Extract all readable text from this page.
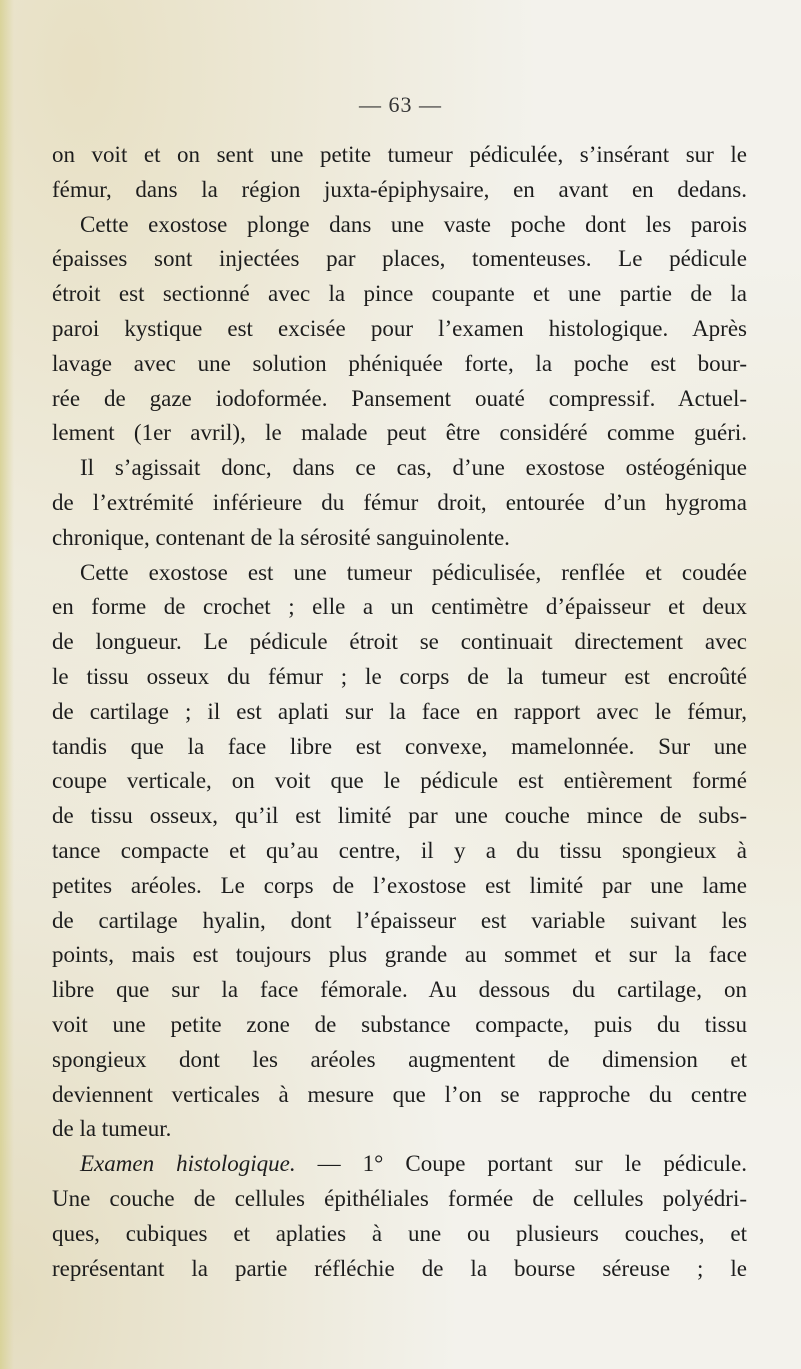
— 63 —
on voit et on sent une petite tumeur pédiculée, s’insérant sur le
fémur, dans la région juxta-épiphysaire, en avant en dedans.
Cette exostose plonge dans une vaste poche dont les parois
épaisses sont injectées par places, tomenteuses. Le pédicule
étroit est sectionné avec la pince coupante et une partie de la
paroi kystique est excisée pour l’examen histologique. Après
lavage avec une solution phéniquée forte, la poche est bour-
rée de gaze iodoformée. Pansement ouaté compressif. Actuel-
lement (1er avril), le malade peut être considéré comme guéri.
Il s’agissait donc, dans ce cas, d’une exostose ostéogénique
de l’extrémité inférieure du fémur droit, entourée d’un hygroma
chronique, contenant de la sérosité sanguinolente.
Cette exostose est une tumeur pédiculisée, renflée et coudée
en forme de crochet ; elle a un centimètre d’épaisseur et deux
de longueur. Le pédicule étroit se continuait directement avec
le tissu osseux du fémur ; le corps de la tumeur est encroûté
de cartilage ; il est aplati sur la face en rapport avec le fémur,
tandis que la face libre est convexe, mamelonnée. Sur une
coupe verticale, on voit que le pédicule est entièrement formé
de tissu osseux, qu’il est limité par une couche mince de subs-
tance compacte et qu’au centre, il y a du tissu spongieux à
petites aréoles. Le corps de l’exostose est limité par une lame
de cartilage hyalin, dont l’épaisseur est variable suivant les
points, mais est toujours plus grande au sommet et sur la face
libre que sur la face fémorale. Au dessous du cartilage, on
voit une petite zone de substance compacte, puis du tissu
spongieux dont les aréoles augmentent de dimension et
deviennent verticales à mesure que l’on se rapproche du centre
de la tumeur.
Examen histologique. — 1° Coupe portant sur le pédicule.
Une couche de cellules épithéliales formée de cellules polyédri-
ques, cubiques et aplaties à une ou plusieurs couches, et
représentant la partie réfléchie de la bourse séreuse ; le
